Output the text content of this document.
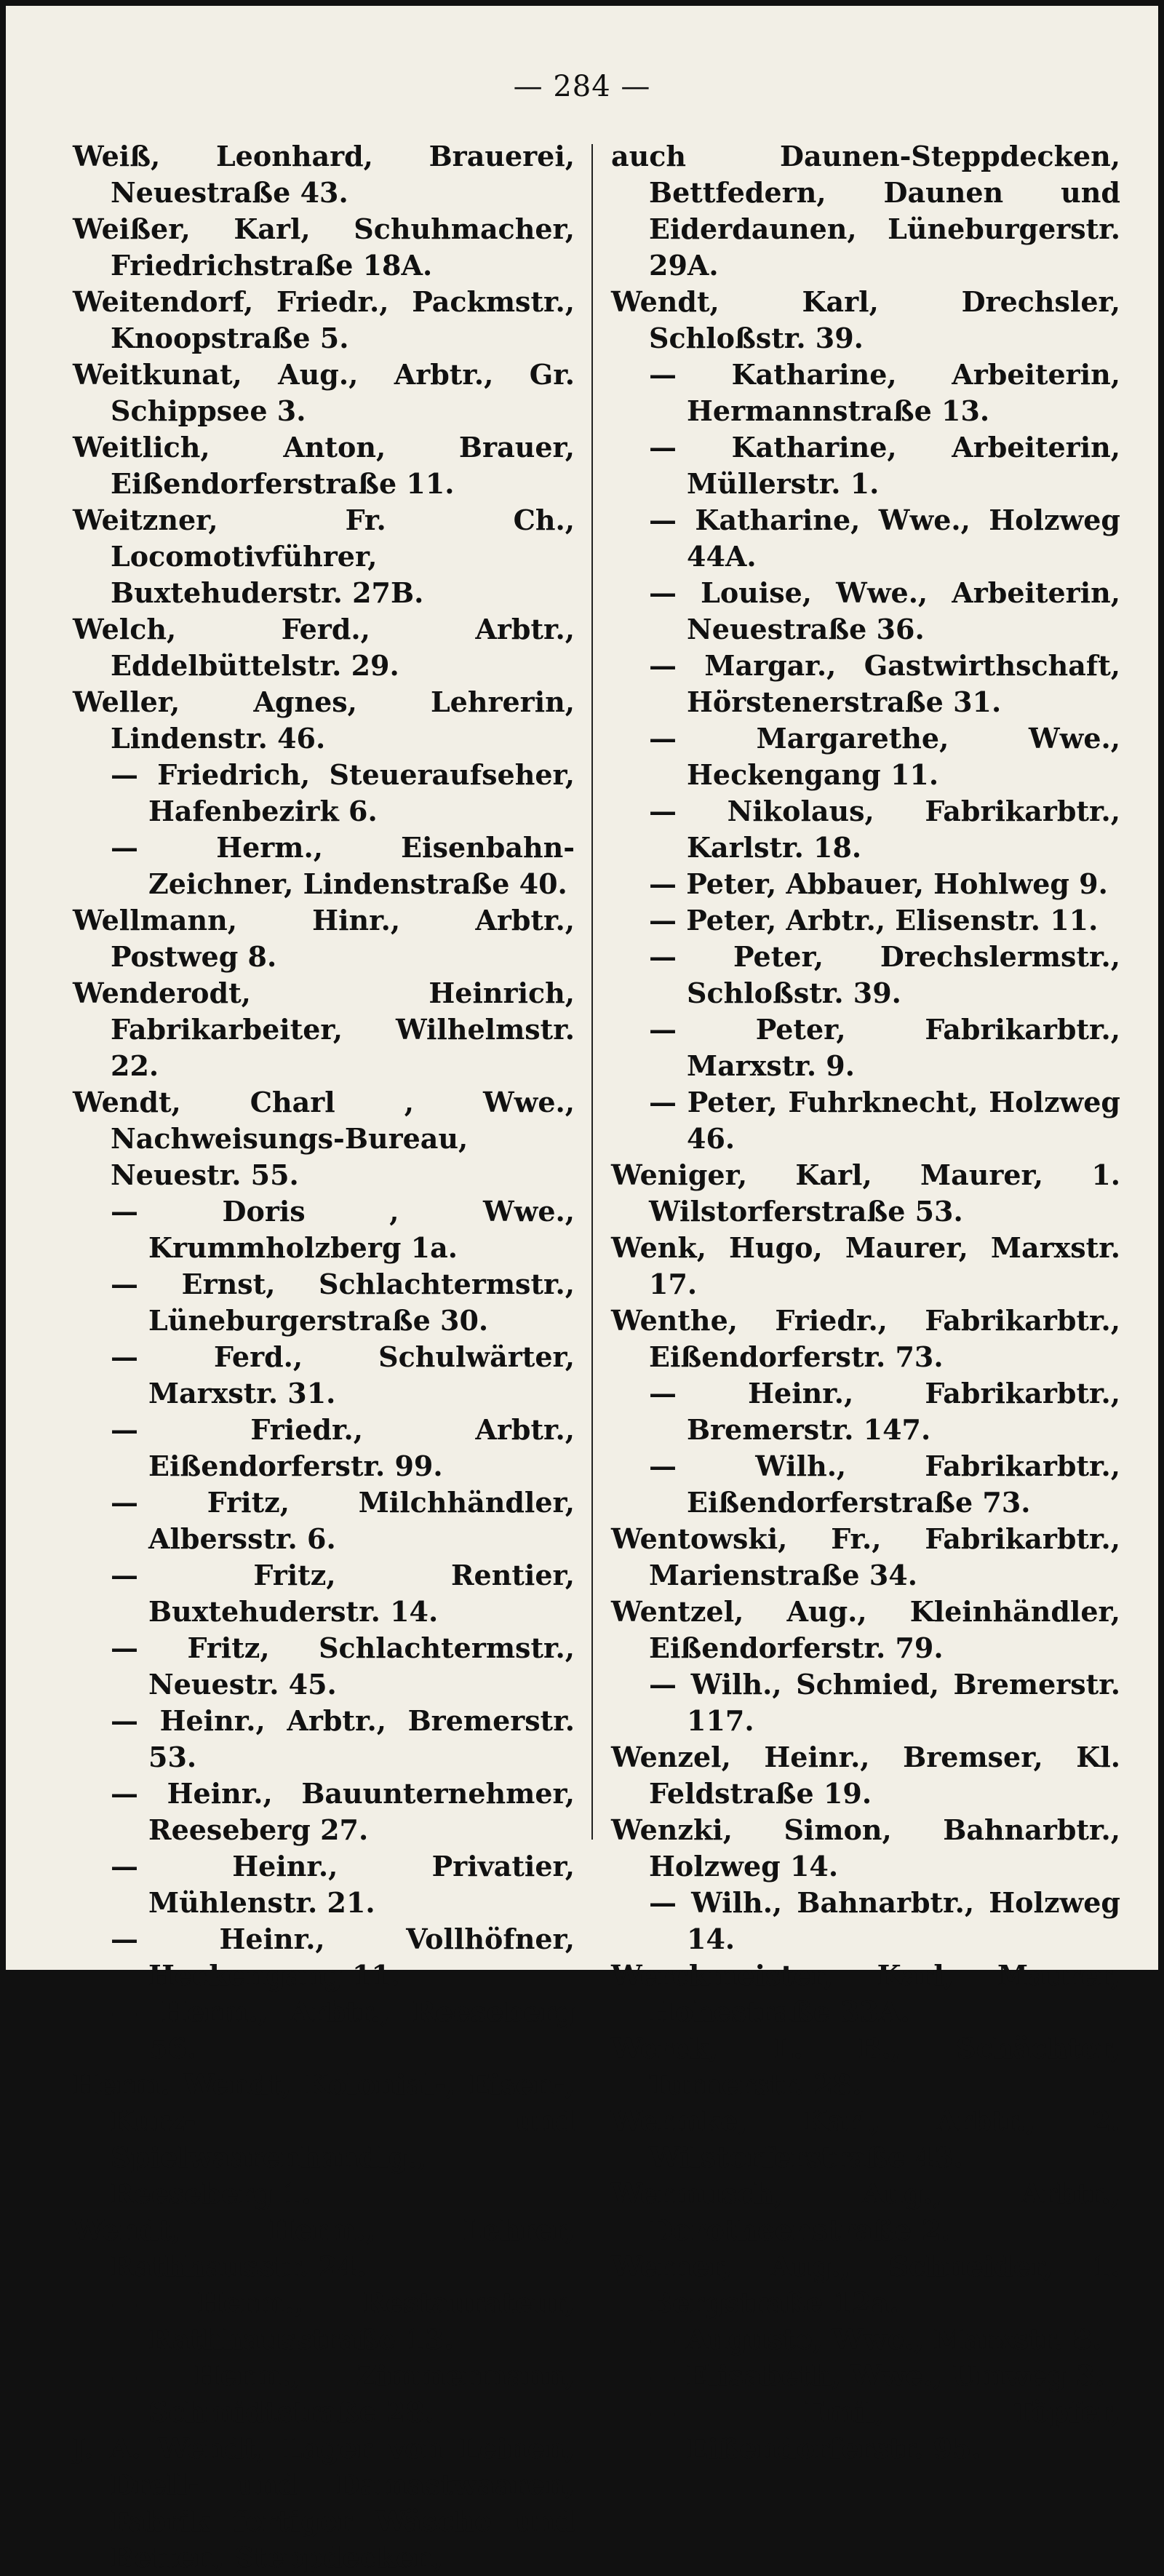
— 284 —
Weiß, Leonhard, Brauerei, Neuestraße 43.
Weißer, Karl, Schuhmacher, Friedrichstraße 18A.
Weitendorf, Friedr., Packmstr., Knoopstraße 5.
Weitkunat, Aug., Arbtr., Gr. Schippsee 3.
Weitlich, Anton, Brauer, Eißendorferstraße 11.
Weitzner, Fr. Ch., Locomotivführer, Buxtehuderstr. 27B.
Welch, Ferd., Arbtr., Eddelbüttelstr. 29.
Weller, Agnes, Lehrerin, Lindenstr. 46.
— Friedrich, Steueraufseher, Hafenbezirk 6.
— Herm., Eisenbahn-Zeichner, Lindenstraße 40.
Wellmann, Hinr., Arbtr., Postweg 8.
Wenderodt, Heinrich, Fabrikarbeiter, Wilhelmstr. 22.
Wendt, Charl , Wwe., Nachweisungs-Bureau, Neuestr. 55.
— Doris , Wwe., Krummholzberg 1a.
— Ernst, Schlachtermstr., Lüneburgerstraße 30.
— Ferd., Schulwärter, Marxstr. 31.
— Friedr., Arbtr., Eißendorferstr. 99.
— Fritz, Milchhändler, Albersstr. 6.
— Fritz, Rentier, Buxtehuderstr. 14.
— Fritz, Schlachtermstr., Neuestr. 45.
— Heinr., Arbtr., Bremerstr. 53.
— Heinr., Bauunternehmer, Reeseberg 27.
— Heinr., Privatier, Mühlenstr. 21.
— Heinr., Vollhöfner, Heckengang 11.
— Herm., Arbtr., Reeseberg 56.
Herm. Wendt, Kolonial-, Eisen-, Kurz- und Spielwaarenhandlg., Reeseberg 1.
Wendt, Herm., Lehrer, Rathhausstr. 24.
— Herm., Restaurateur, Rathhausstraße 13.
— Herm., Zimmermann, Schmidtstraße 28.
J. A. Wendt, Lager von Leinen, Drell- und Damastwaaren, Fabrik fertiger Wäsche und Betten, Steppdecken,
auch Daunen-Steppdecken, Bettfedern, Daunen und Eiderdaunen, Lüneburgerstr. 29A.
Wendt, Karl, Drechsler, Schloßstr. 39.
— Katharine, Arbeiterin, Hermannstraße 13.
— Katharine, Arbeiterin, Müllerstr. 1.
— Katharine, Wwe., Holzweg 44A.
— Louise, Wwe., Arbeiterin, Neuestraße 36.
— Margar., Gastwirthschaft, Hörstenerstraße 31.
— Margarethe, Wwe., Heckengang 11.
— Nikolaus, Fabrikarbtr., Karlstr. 18.
— Peter, Abbauer, Hohlweg 9.
— Peter, Arbtr., Elisenstr. 11.
— Peter, Drechslermstr., Schloßstr. 39.
— Peter, Fabrikarbtr., Marxstr. 9.
— Peter, Fuhrknecht, Holzweg 46.
Weniger, Karl, Maurer, 1. Wilstorferstraße 53.
Wenk, Hugo, Maurer, Marxstr. 17.
Wenthe, Friedr., Fabrikarbtr., Eißendorferstr. 73.
— Heinr., Fabrikarbtr., Bremerstr. 147.
— Wilh., Fabrikarbtr., Eißendorferstraße 73.
Wentowski, Fr., Fabrikarbtr., Marienstraße 34.
Wentzel, Aug., Kleinhändler, Eißendorferstr. 79.
— Wilh., Schmied, Bremerstr. 117.
Wenzel, Heinr., Bremser, Kl. Feldstraße 19.
Wenzki, Simon, Bahnarbtr., Holzweg 14.
— Wilh., Bahnarbtr., Holzweg 14.
Werckmeister, Karl, Maurer, Hohestraße 33A.
Werek, L. B., Schächter, Turnerstr. 28.
Wermke, Karl, Arbtr., 2. Wilstorferstraße 43.
Wermusch, Aug., Arbtr., Dorotheenstraße 2.
Werner, Aug., Schneider, 1. Bergstraße 12a.
— Auguste, Wwe., Marxstr. 8.
— Elisabeth, Wwe., Umweg 3.
— Emil, Töpfer, Eißendorferstr. 95.
